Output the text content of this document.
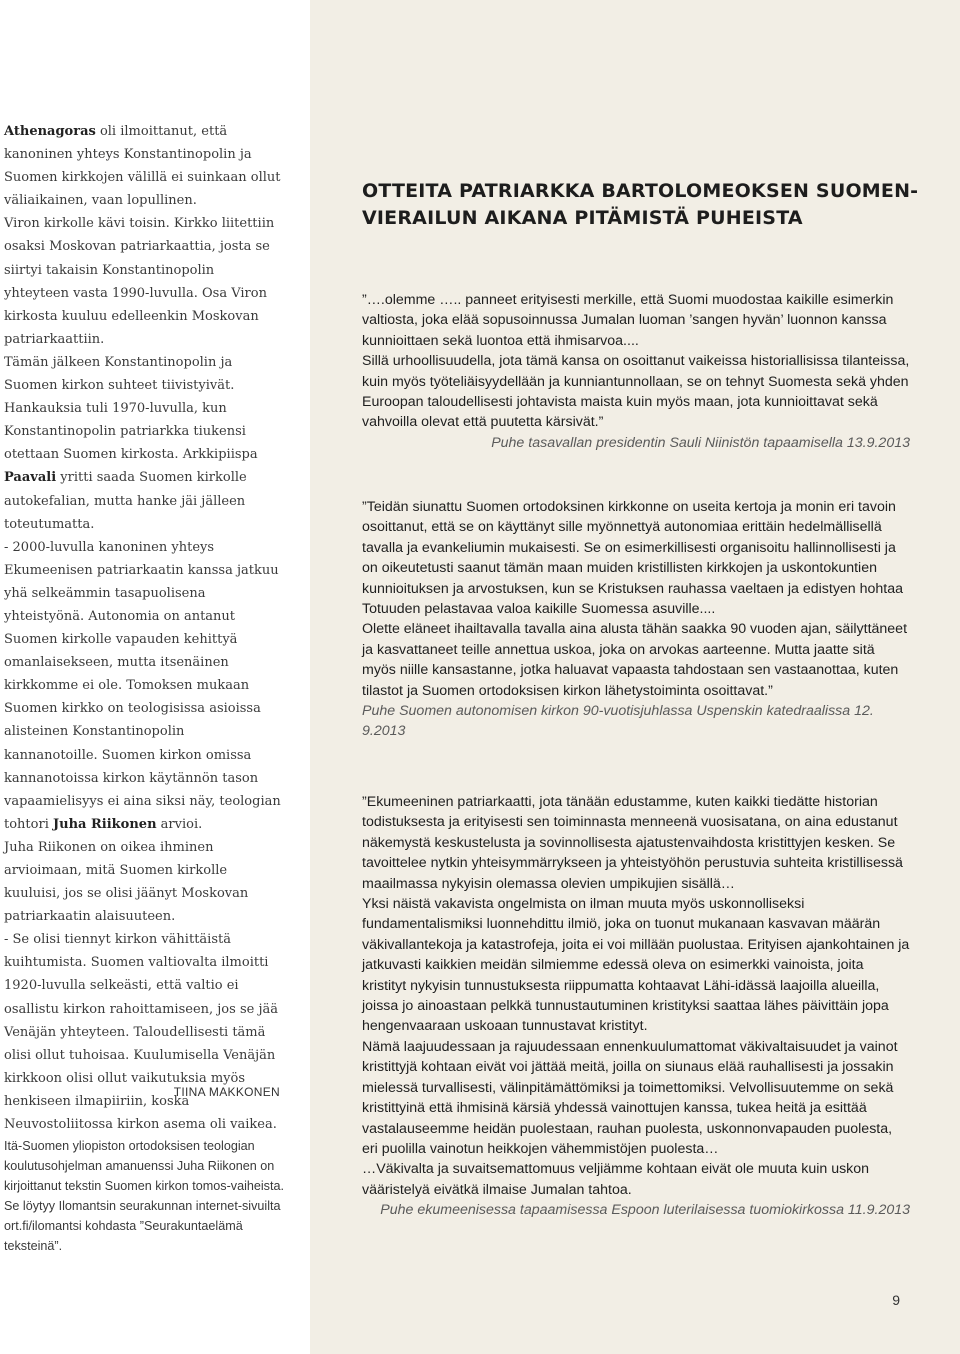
Athenagoras oli ilmoittanut, että kanoninen yhteys Konstantinopolin ja Suomen kirkkojen välillä ei suinkaan ollut väliaikainen, vaan lopullinen.

Viron kirkolle kävi toisin. Kirkko liitettiin osaksi Moskovan patriarkaattia, josta se siirtyi takaisin Konstantinopolin yhteyteen vasta 1990-luvulla. Osa Viron kirkosta kuuluu edelleenkin Moskovan patriarkaattiin.

Tämän jälkeen Konstantinopolin ja Suomen kirkon suhteet tiivistyivät. Hankauksia tuli 1970-luvulla, kun Konstantinopolin patriarkka tiukensi otettaan Suomen kirkosta. Arkkipiispa Paavali yritti saada Suomen kirkolle autokefalian, mutta hanke jäi jälleen toteutumatta.

- 2000-luvulla kanoninen yhteys Ekumeenisen patriarkaatin kanssa jatkuu yhä selkeämmin tasapuolisena yhteistyönä. Autonomia on antanut Suomen kirkolle vapauden kehittyä omanlaisekseen, mutta itsenäinen kirkkomme ei ole. Tomoksen mukaan Suomen kirkko on teologisissa asioissa alisteinen Konstantinopolin kannanotoille. Suomen kirkon omissa kannanotoissa kirkon käytännön tason vapaamielisyys ei aina siksi näy, teologian tohtori Juha Riikonen arvioi.

Juha Riikonen on oikea ihminen arvioimaan, mitä Suomen kirkolle kuuluisi, jos se olisi jäänyt Moskovan patriarkaatin alaisuuteen.

- Se olisi tiennyt kirkon vähittäistä kuihtumista. Suomen valtiovalta ilmoitti 1920-luvulla selkeästi, että valtio ei osallistu kirkon rahoittamiseen, jos se jää Venäjän yhteyteen. Taloudellisesti tämä olisi ollut tuhoisaa. Kuulumisella Venäjän kirkkoon olisi ollut vaikutuksia myös henkiseen ilmapiiriin, koska Neuvostoliitossa kirkon asema oli vaikea.

TIINA MAKKONEN
Itä-Suomen yliopiston ortodoksisen teologian koulutusohjelman amanuenssi Juha Riikonen on kirjoittanut tekstin Suomen kirkon tomos-vaiheista. Se löytyy Ilomantsin seurakunnan internet-sivuilta ort.fi/ilomantsi kohdasta ”Seurakuntaelämä teksteinä”.
OTTEITA PATRIARKKA BARTOLOMEOKSEN SUOMEN-VIERAILUN AIKANA PITÄMISTÄ PUHEISTA

”….olemme ….. panneet erityisesti merkille, että Suomi muodostaa kaikille esimerkin valtiosta, joka elää sopusoinnussa Jumalan luoman ’sangen hyvän’ luonnon kanssa kunnioittaen sekä luontoa että ihmisarvoa....

Sillä urhoollisuudella, jota tämä kansa on osoittanut vaikeissa historiallisissa tilanteissa, kuin myös työteliäisyydellään ja kunniantunnollaan, se on tehnyt Suomesta sekä yhden Euroopan taloudellisesti johtavista maista kuin myös maan, jota kunnioittavat sekä vahvoilla olevat että puutetta kärsivät.”

Puhe tasavallan presidentin Sauli Niinistön tapaamisella 13.9.2013

”Teidän siunattu Suomen ortodoksinen kirkkonne on useita kertoja ja monin eri tavoin osoittanut, että se on käyttänyt sille myönnettyä autonomiaa erittäin hedelmällisellä tavalla ja evankeliumin mukaisesti. Se on esimerkillisesti organisoitu hallinnollisesti ja on oikeutetusti saanut tämän maan muiden kristillisten kirkkojen ja uskontokuntien kunnioituksen ja arvostuksen, kun se Kristuksen rauhassa vaeltaen ja edistyen hohtaa Totuuden pelastavaa valoa kaikille Suomessa asuville....

Olette eläneet ihailtavalla tavalla aina alusta tähän saakka 90 vuoden ajan, säilyttäneet ja kasvattaneet teille annettua uskoa, joka on arvokas aarteenne. Mutta jaatte sitä myös niille kansastanne, jotka haluavat vapaasta tahdostaan sen vastaanottaa, kuten tilastot ja Suomen ortodoksisen kirkon lähetystoiminta osoittavat.”

Puhe Suomen autonomisen kirkon 90-vuotisjuhlassa Uspenskin katedraalissa 12. 9.2013

”Ekumeeninen patriarkaatti, jota tänään edustamme, kuten kaikki tiedätte historian todistuksesta ja erityisesti sen toiminnasta menneenä vuosisatana, on aina edustanut näkemystä keskustelusta ja sovinnollisesta ajatustenvaihdosta kristittyjen kesken. Se tavoittelee nytkin yhteisymmärrykseen ja yhteistyöhön perustuvia suhteita kristillisessä maailmassa nykyisin olemassa olevien umpikujien sisällä…

Yksi näistä vakavista ongelmista on ilman muuta myös uskonnolliseksi fundamentalismiksi luonnehdittu ilmiö, joka on tuonut mukanaan kasvavan määrän väkivallantekoja ja katastrofeja, joita ei voi millään puolustaa. Erityisen ajankohtainen ja jatkuvasti kaikkien meidän silmiemme edessä oleva on esimerkki vainoista, joita kristityt nykyisin tunnustuksesta riippumatta kohtaavat Lähi-idässä laajoilla alueilla, joissa jo ainoastaan pelkkä tunnustautuminen kristityksi saattaa lähes päivittäin jopa hengenvaaraan uskoaan tunnustavat kristityt.

Nämä laajuudessaan ja rajuudessaan ennenkuulumattomat väkivaltaisuudet ja vainot kristittyjä kohtaan eivät voi jättää meitä, joilla on siunaus elää rauhallisesti ja jossakin mielessä turvallisesti, välinpitämättömiksi ja toimettomiksi. Velvollisuutemme on sekä kristittyinä että ihmisinä kärsiä yhdessä vainottujen kanssa, tukea heitä ja esittää vastalauseemme heidän puolestaan, rauhan puolesta, uskonnonvapauden puolesta, eri puolilla vainotun heikkojen vähemmistöjen puolesta…

…Väkivalta ja suvaitsemattomuus veljiämme kohtaan eivät ole muuta kuin uskon vääristelyä eivätkä ilmaise Jumalan tahtoa.

Puhe ekumeenisessa tapaamisessa Espoon luterilaisessa tuomiokirkossa 11.9.2013

9
